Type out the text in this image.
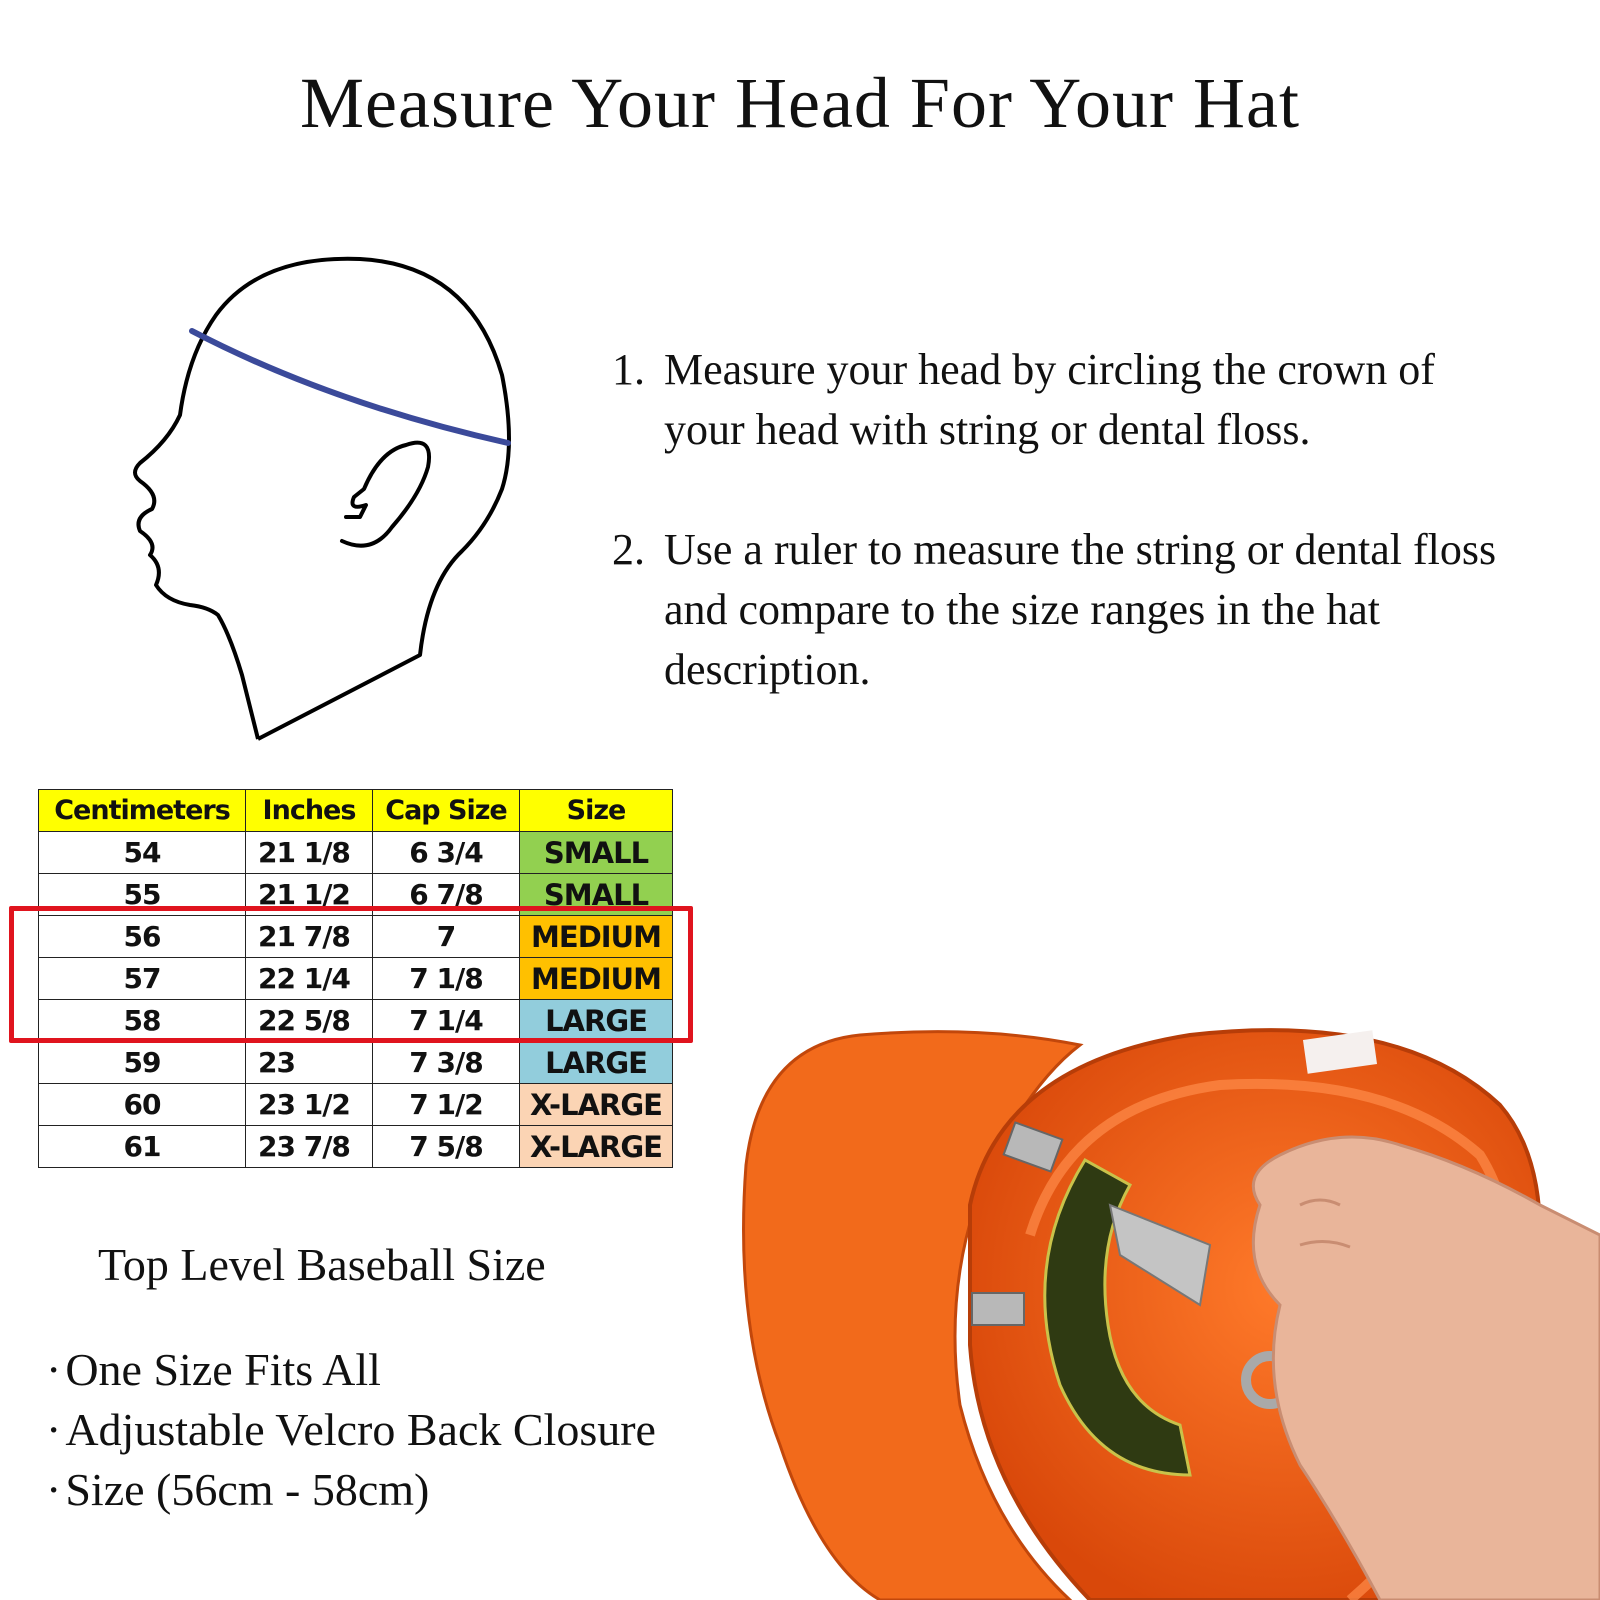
Measure Your Head For Your Hat
1. Measure your head by circling the crown of your head with string or dental floss.
2. Use a ruler to measure the string or dental floss and compare to the size ranges in the hat description.
Centimeters	Inches	Cap Size	Size
54	21 1/8	6 3/4	SMALL
55	21 1/2	6 7/8	SMALL
56	21 7/8	7	MEDIUM
57	22 1/4	7 1/8	MEDIUM
58	22 5/8	7 1/4	LARGE
59	23	7 3/8	LARGE
60	23 1/2	7 1/2	X-LARGE
61	23 7/8	7 5/8	X-LARGE
Top Level Baseball Size
· One Size Fits All
· Adjustable Velcro Back Closure
· Size (56cm - 58cm)
